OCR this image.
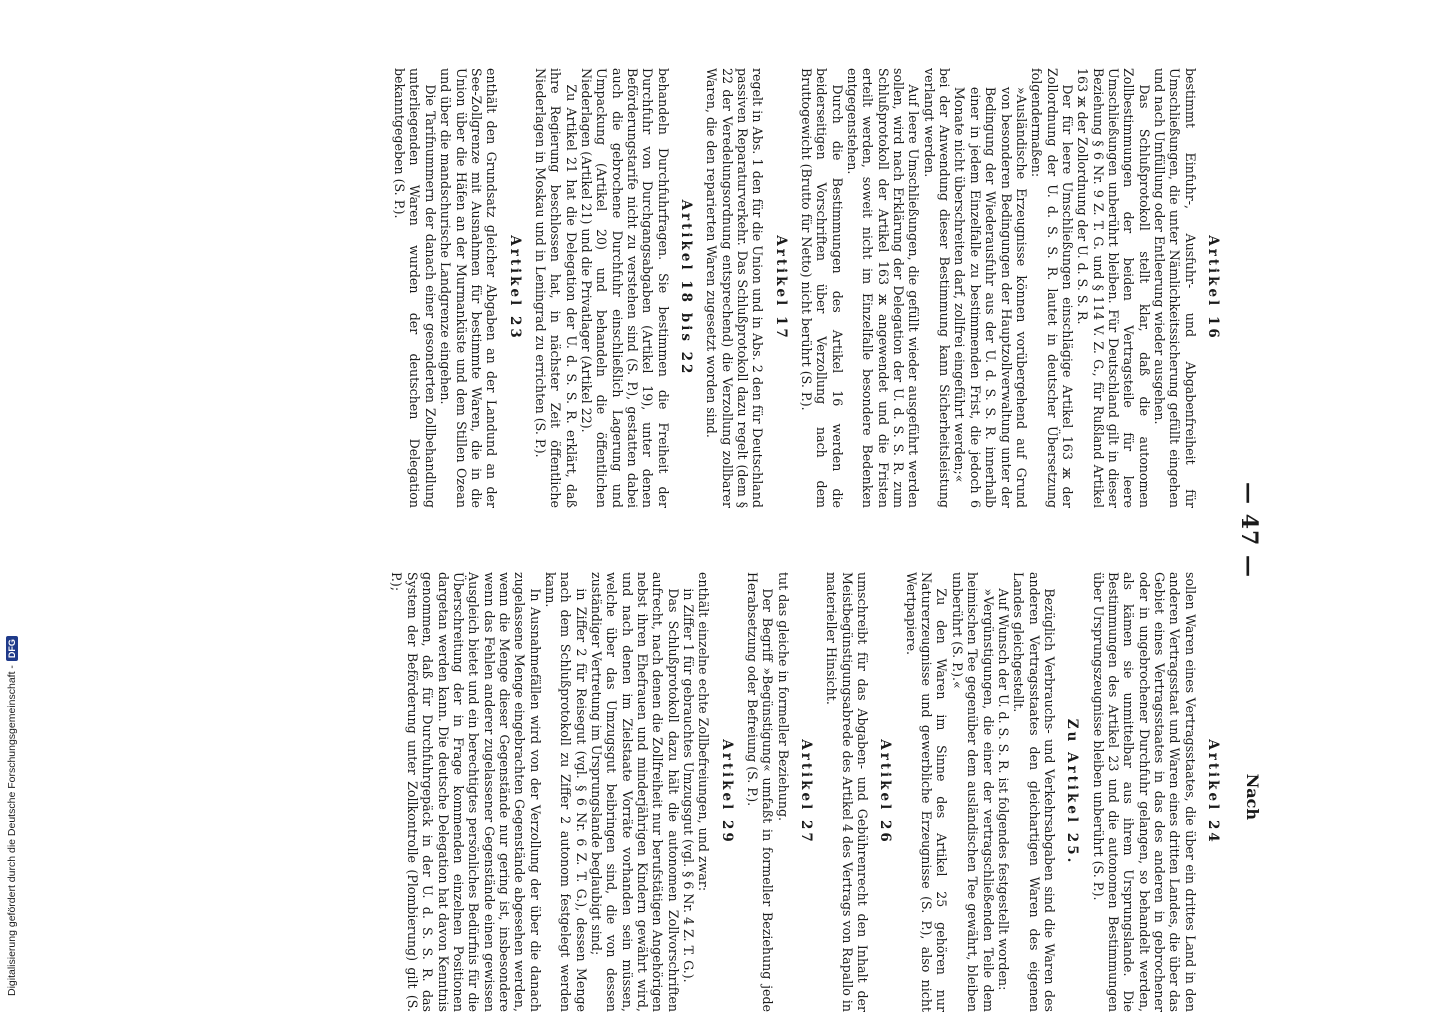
— 47 —
Nach
Artikel 16

bestimmt Einfuhr-, Ausfuhr- und Abgabenfreiheit für Umschließungen, die unter Nämlichkeitssicherung gefüllt eingehen und nach Umfüllung oder Entleerung wieder ausgehen.

Das Schlußprotokoll stellt klar, daß die autonomen Zollbestimmungen der beiden Vertragsteile für leere Umschließungen unberührt bleiben. Für Deutschland gilt in dieser Beziehung § 6 Nr. 9 Z. T. G. und § 114 V. Z. G., für Rußland Artikel 163 ж der Zollordnung der U. d. S. S. R.

Der für leere Umschließungen einschlägige Artikel 163 ж der Zollordnung der U. d. S. S. R. lautet in deutscher Übersetzung folgendermaßen:

»Ausländische Erzeugnisse können vorübergehend auf Grund von besonderen Bedingungen der Hauptzollverwaltung unter der Bedingung der Wiederausfuhr aus der U. d. S. S. R. innerhalb einer in jedem Einzelfalle zu bestimmenden Frist, die jedoch 6 Monate nicht überschreiten darf, zollfrei eingeführt werden;«

bei der Anwendung dieser Bestimmung kann Sicherheitsleistung verlangt werden.

Auf leere Umschließungen, die gefüllt wieder ausgeführt werden sollen, wird nach Erklärung der Delegation der U. d. S. S. R. zum Schlußprotokoll der Artikel 163 ж angewendet und die Fristen erteilt werden, soweit nicht im Einzelfalle besondere Bedenken entgegenstehen.

Durch die Bestimmungen des Artikel 16 werden die beiderseitigen Vorschriften über Verzollung nach dem Bruttogewicht (Brutto für Netto) nicht berührt (S. P.).

Artikel 17

regelt in Abs. 1 den für die Union und in Abs. 2 den für Deutschland passiven Reparaturverkehr. Das Schlußprotokoll dazu regelt (dem § 22 der Veredelungsordnung entsprechend) die Verzollung zollbarer Waren, die den reparierten Waren zugesetzt worden sind.

Artikel 18 bis 22

behandeln Durchfuhrfragen. Sie bestimmen die Freiheit der Durchfuhr von Durchgangsabgaben (Artikel 19), unter denen Beförderungstarife nicht zu verstehen sind (S. P.), gestatten dabei auch die gebrochene Durchfuhr einschließlich Lagerung und Umpackung (Artikel 20) und behandeln die öffentlichen Niederlagen (Artikel 21) und die Privatlager (Artikel 22).

Zu Artikel 21 hat die Delegation der U. d. S. S. R. erklärt, daß ihre Regierung beschlossen hat, in nächster Zeit öffentliche Niederlagen in Moskau und in Leningrad zu errichten (S. P.).

Artikel 23

enthält den Grundsatz gleicher Abgaben an der Landund an der See-Zollgrenze mit Ausnahmen für bestimmte Waren, die in die Union über die Häfen an der Murmanküste und dem Stillen Ozean und über die mandschurische Landgrenze eingehen.

Die Tarifnummern der danach einer gesonderten Zollbehandlung unterliegenden Waren wurden der deutschen Delegation bekanntgegeben (S. P.).

Artikel 24

sollen Waren eines Vertragsstaates, die über ein drittes Land in den anderen Vertragsstaat und Waren eines dritten Landes, die über das Gebiet eines Vertragsstaates in das des anderen in gebrochener oder in ungebrochener Durchfuhr gelangen, so behandelt werden, als kämen sie unmittelbar aus ihrem Ursprungslande. Die Bestimmungen des Artikel 23 und die autonomen Bestimmungen über Ursprungszeugnisse bleiben unberührt (S. P.).

Zu Artikel 25.

Bezüglich Verbrauchs- und Verkehrsabgaben sind die Waren des anderen Vertragsstaates den gleichartigen Waren des eigenen Landes gleichgestellt.

Auf Wunsch der U. d. S. S. R. ist folgendes festgestellt worden:

»Vergünstigungen, die einer der vertragschließenden Teile dem heimischen Tee gegenüber dem ausländischen Tee gewährt, bleiben unberührt (S. P.).«

Zu den Waren im Sinne des Artikel 25 gehören nur Naturerzeugnisse und gewerbliche Erzeugnisse (S. P.), also nicht Wertpapiere.

Artikel 26

umschreibt für das Abgaben- und Gebührenrecht den Inhalt der Meistbegünstigungsabrede des Artikel 4 des Vertrags von Rapallo in materieller Hinsicht.

Artikel 27

tut das gleiche in formeller Beziehung.

Der Begriff »Begünstigung« umfaßt in formeller Beziehung jede Herabsetzung oder Befreiung (S. P.).

Artikel 29

enthält einzelne echte Zollbefreiungen, und zwar:

in Ziffer 1 für gebrauchtes Umzugsgut (vgl. § 6 Nr. 4 Z. T. G.).

Das Schlußprotokoll dazu hält die autonomen Zollvorschriften aufrecht, nach denen die Zollfreiheit nur berufstätigen Angehörigen nebst ihren Ehefrauen und minderjährigen Kindern gewährt wird, und nach denen im Zielstaate Vorräte vorhanden sein müssen, welche über das Umzugsgut beibringen sind, die von dessen zuständiger Vertretung im Ursprungslande beglaubigt sind;

in Ziffer 2 für Reisegut (vgl. § 6 Nr. 6 Z. T. G.), dessen Menge nach dem Schlußprotokoll zu Ziffer 2 autonom festgelegt werden kann.

In Ausnahmefällen wird von der Verzollung der über die danach zugelassene Menge eingebrachten Gegenstände abgesehen werden, wenn die Menge dieser Gegenstände nur gering ist, insbesondere wenn das Fehlen anderer zugelassener Gegenstände einen gewissen Ausgleich bietet und ein berechtigtes persönliches Bedürfnis für die Überschreitung der in Frage kommenden einzelnen Positionen dargetan werden kann. Die deutsche Delegation hat davon Kenntnis genommen, daß für Durchfuhrgepäck in der U. d. S. S. R. das System der Beförderung unter Zollkontrolle (Plombierung) gilt (S. P.);

Digitalisierung gefördert durch die Deutsche Forschungsgemeinschaft -
DFG
